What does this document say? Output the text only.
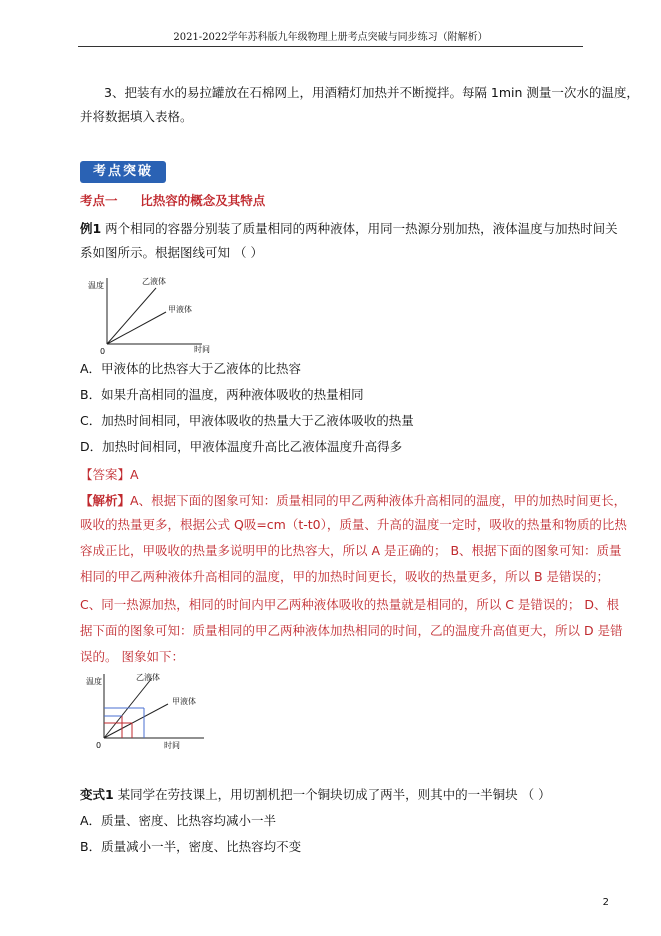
2021-2022学年苏科版九年级物理上册考点突破与同步练习（附解析）
3、把装有水的易拉罐放在石棉网上，用酒精灯加热并不断搅拌。每隔 1min 测量一次水的温度，
并将数据填入表格。
考点突破
考点一 比热容的概念及其特点
例1 两个相同的容器分别装了质量相同的两种液体，用同一热源分别加热，液体温度与加热时间关
系如图所示。根据图线可知 （ ）
温度
时间
0
乙液体
甲液体
A．甲液体的比热容大于乙液体的比热容
B．如果升高相同的温度，两种液体吸收的热量相同
C．加热时间相同，甲液体吸收的热量大于乙液体吸收的热量
D．加热时间相同，甲液体温度升高比乙液体温度升高得多
【答案】A
【解析】A、根据下面的图象可知：质量相同的甲乙两种液体升高相同的温度，甲的加热时间更长，
吸收的热量更多，根据公式 Q吸=cm（t-t0），质量、升高的温度一定时，吸收的热量和物质的比热
容成正比，甲吸收的热量多说明甲的比热容大，所以 A 是正确的； B、根据下面的图象可知：质量
相同的甲乙两种液体升高相同的温度，甲的加热时间更长，吸收的热量更多，所以 B 是错误的；
C、同一热源加热，相同的时间内甲乙两种液体吸收的热量就是相同的，所以 C 是错误的； D、根
据下面的图象可知：质量相同的甲乙两种液体加热相同的时间，乙的温度升高值更大，所以 D 是错
误的。 图象如下：
温度
时间
0
乙液体
甲液体
变式1 某同学在劳技课上，用切割机把一个铜块切成了两半，则其中的一半铜块 （ ）
A．质量、密度、比热容均减小一半
B．质量减小一半，密度、比热容均不变
2
